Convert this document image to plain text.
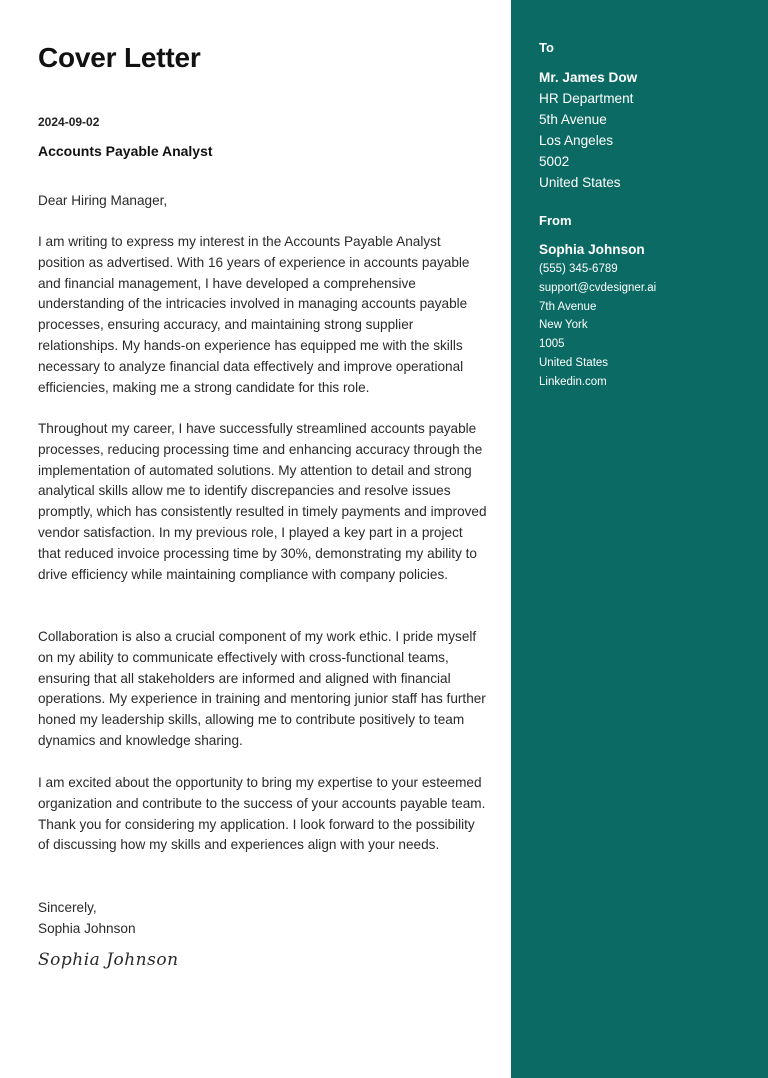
Cover Letter
2024-09-02
Accounts Payable Analyst

Dear Hiring Manager,

I am writing to express my interest in the Accounts Payable Analyst position as advertised. With 16 years of experience in accounts payable and financial management, I have developed a comprehensive understanding of the intricacies involved in managing accounts payable processes, ensuring accuracy, and maintaining strong supplier relationships. My hands-on experience has equipped me with the skills necessary to analyze financial data effectively and improve operational efficiencies, making me a strong candidate for this role.

Throughout my career, I have successfully streamlined accounts payable processes, reducing processing time and enhancing accuracy through the implementation of automated solutions. My attention to detail and strong analytical skills allow me to identify discrepancies and resolve issues promptly, which has consistently resulted in timely payments and improved vendor satisfaction. In my previous role, I played a key part in a project that reduced invoice processing time by 30%, demonstrating my ability to drive efficiency while maintaining compliance with company policies.

Collaboration is also a crucial component of my work ethic. I pride myself on my ability to communicate effectively with cross-functional teams, ensuring that all stakeholders are informed and aligned with financial operations. My experience in training and mentoring junior staff has further honed my leadership skills, allowing me to contribute positively to team dynamics and knowledge sharing.

I am excited about the opportunity to bring my expertise to your esteemed organization and contribute to the success of your accounts payable team. Thank you for considering my application. I look forward to the possibility of discussing how my skills and experiences align with your needs.

Sincerely,
Sophia Johnson
Sophia Johnson
To
Mr. James Dow
HR Department
5th Avenue
Los Angeles
5002
United States
From
Sophia Johnson
(555) 345-6789
support@cvdesigner.ai
7th Avenue
New York
1005
United States
Linkedin.com
